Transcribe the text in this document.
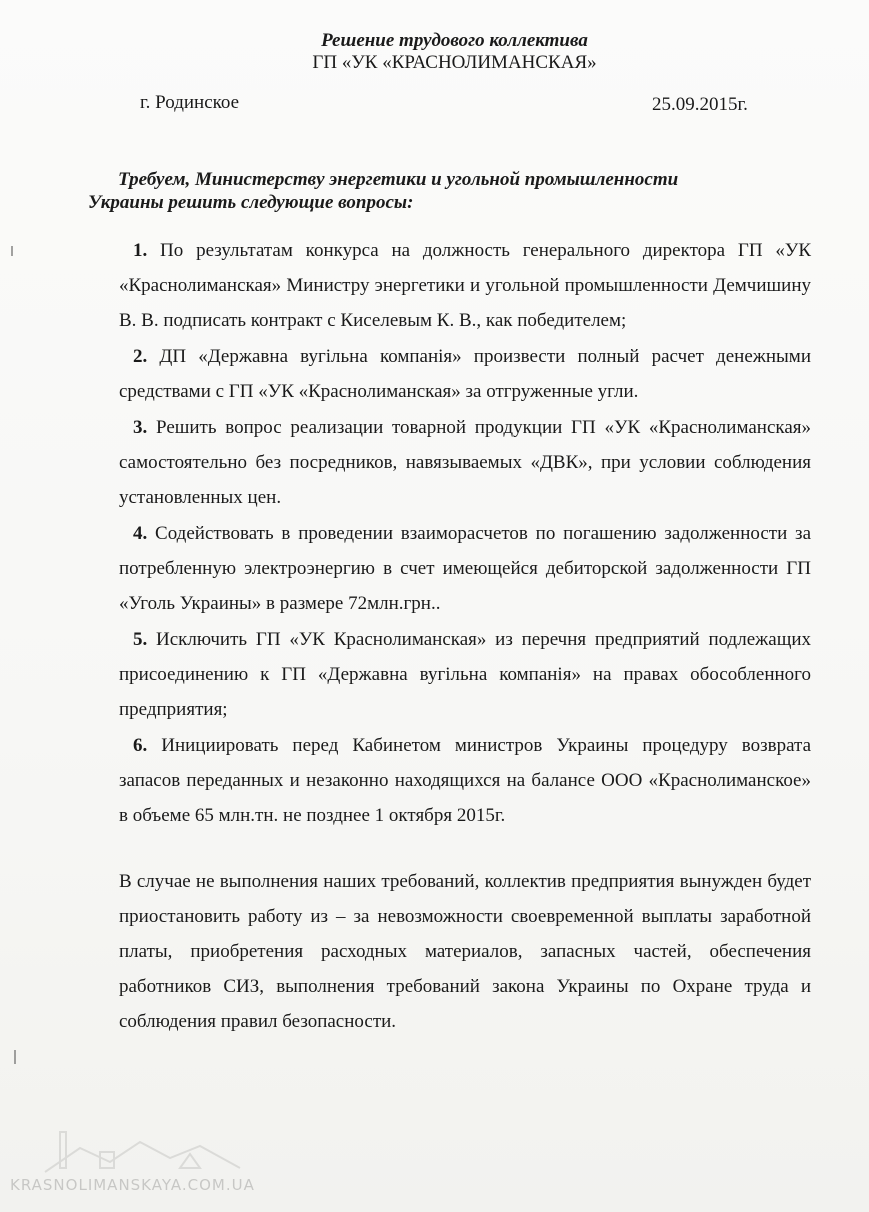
Решение трудового коллектива
ГП «УК «КРАСНОЛИМАНСКАЯ»
г. Родинское	25.09.2015г.
Требуем, Министерству энергетики и угольной промышленности
Украины решить следующие вопросы:

1. По результатам конкурса на должность генерального директора ГП «УК «Краснолиманская» Министру энергетики и угольной промышленности Демчишину В. В. подписать контракт с Киселевым К. В., как победителем;

2. ДП «Державна вугільна компанія» произвести полный расчет денежными средствами с ГП «УК «Краснолиманская» за отгруженные угли.

3. Решить вопрос реализации товарной продукции ГП «УК «Краснолиманская» самостоятельно без посредников, навязываемых «ДВК», при условии соблюдения установленных цен.

4. Содействовать в проведении взаиморасчетов по погашению задолженности за потребленную электроэнергию в счет имеющейся дебиторской задолженности ГП «Уголь Украины» в размере 72млн.грн..

5. Исключить ГП «УК Краснолиманская» из перечня предприятий подлежащих присоединению к ГП «Державна вугільна компанія» на правах обособленного предприятия;

6. Инициировать перед Кабинетом министров Украины процедуру возврата запасов переданных и незаконно находящихся на балансе ООО «Краснолиманское» в объеме 65 млн.тн. не позднее 1 октября 2015г.

В случае не выполнения наших требований, коллектив предприятия вынужден будет приостановить работу из – за невозможности своевременной выплаты заработной платы, приобретения расходных материалов, запасных частей, обеспечения работников СИЗ, выполнения требований закона Украины по Охране труда и соблюдения правил безопасности.
KRASNOLIMANSKAYA.COM.UA
